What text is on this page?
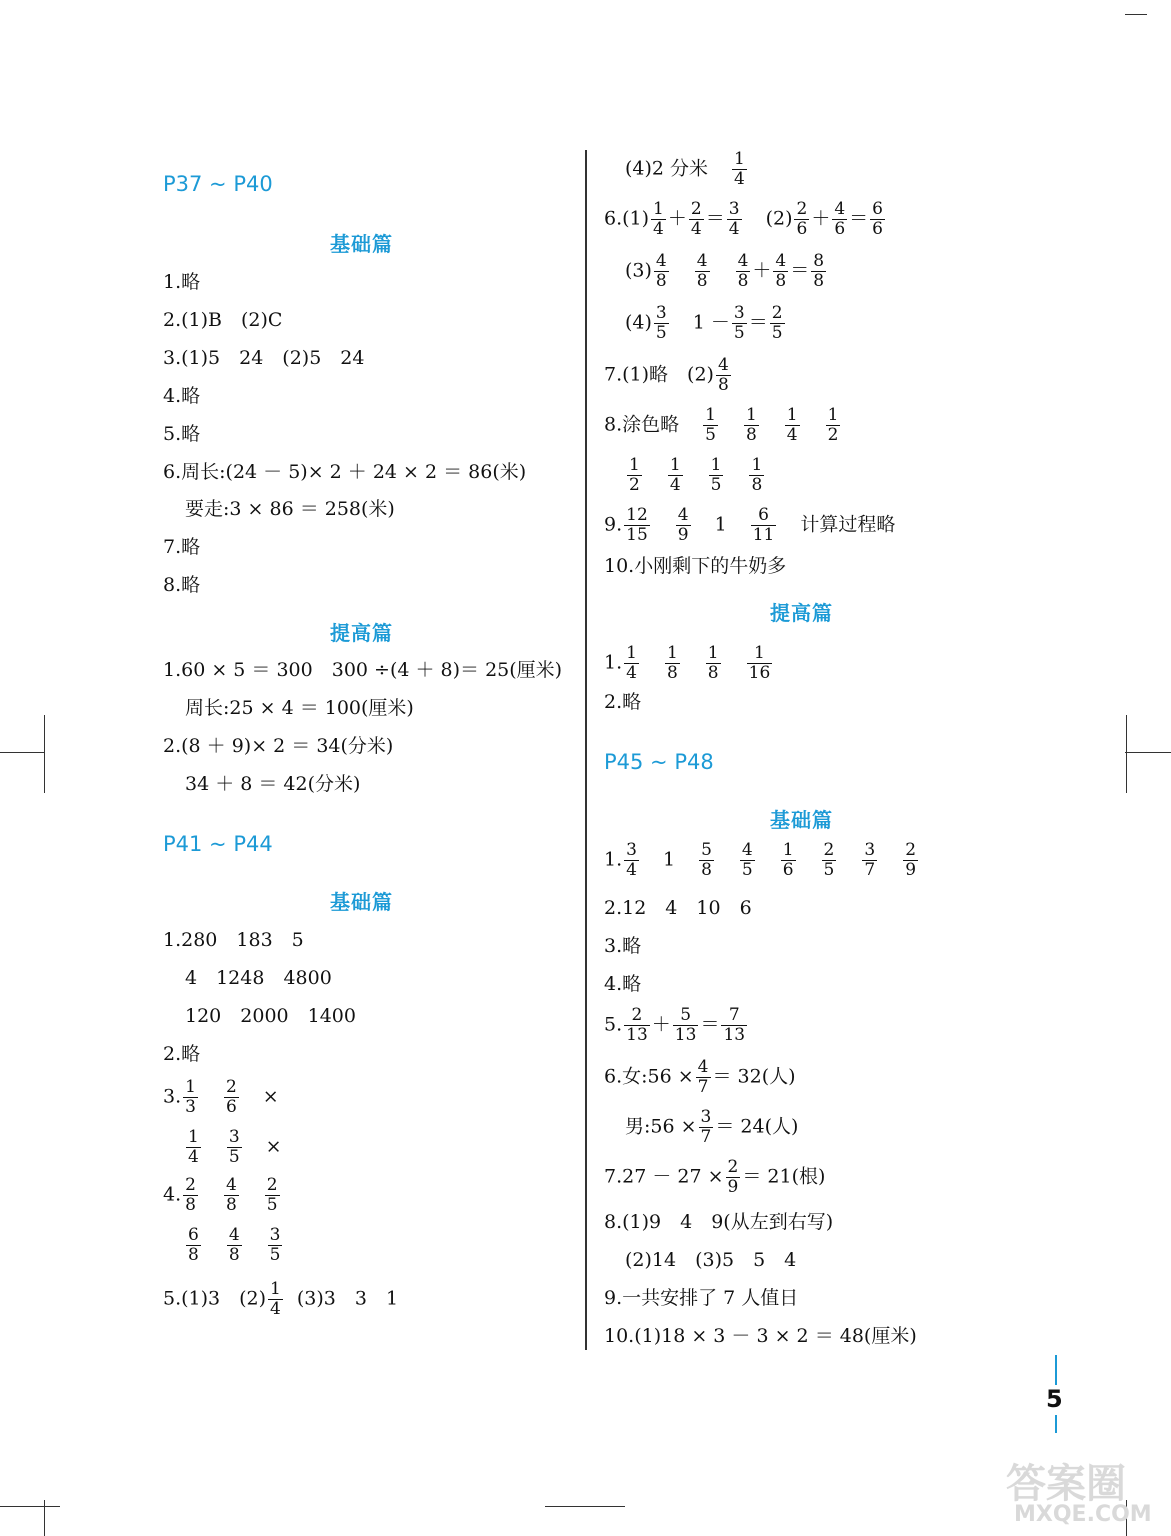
P37 ~ P40
基础篇
1.略
2.(1)B　(2)C
3.(1)5　24　(2)5　24
4.略
5.略
6.周长:(24 － 5)× 2 ＋ 24 × 2 ＝ 86(米)
要走:3 × 86 ＝ 258(米)
7.略
8.略
提高篇
1.60 × 5 ＝ 300　300 ÷(4 ＋ 8)＝ 25(厘米)
周长:25 × 4 ＝ 100(厘米)
2.(8 ＋ 9)× 2 ＝ 34(分米)
34 ＋ 8 ＝ 42(分米)
P41 ~ P44
基础篇
1.280　183　5
4　1248　4800
120　2000　1400
2.略
3. $\frac{1}{3} \frac{2}{6}$ ×
$\frac{1}{4} \frac{3}{5}$ ×
4. $\frac{2}{8} \frac{4}{8} \frac{2}{5}$
$\frac{6}{8} \frac{4}{8} \frac{3}{5}$
5.(1)3　$(2) \frac{1}{4} (3)3$　3　1
(4)2 分米 $\frac{1}{4}$
$6.(1) \frac{1}{4} + \frac{2}{4} = \frac{3}{4} (2) \frac{2}{6} + \frac{4}{6} = \frac{6}{6}$
$(3) \frac{4}{8} \frac{4}{8} \frac{4}{8} + \frac{4}{8} = \frac{8}{8}$
$(4) \frac{3}{5} 1 - \frac{3}{5} = \frac{2}{5}$
7.(1)略　$(2) \frac{4}{8}$
8.涂色略 $\frac{1}{5} \frac{1}{8} \frac{1}{4} \frac{1}{2}$
$\frac{1}{2} \frac{1}{4} \frac{1}{5} \frac{1}{8}$
9. $\frac{12}{15} \frac{4}{9} 1 \frac{6}{11}$ 计算过程略
10.小刚剩下的牛奶多
提高篇
1. $\frac{1}{4} \frac{1}{8} \frac{1}{8} \frac{1}{16}$
2.略
P45 ~ P48
基础篇
1. $\frac{3}{4} 1 \frac{5}{8} \frac{4}{5} \frac{1}{6} \frac{2}{5} \frac{3}{7} \frac{2}{9}$
2.12　4　10　6
3.略
4.略
5. $\frac{2}{13} + \frac{5}{13} = \frac{7}{13}$
6.女:56 × $\frac{4}{7} = 32$(人)
男:56 × $\frac{3}{7} = 24$(人)
$7.27 - 27 \times \frac{2}{9} = 21$(根)
8.(1)9　4　9(从左到右写)
(2)14　(3)5　5　4
9.一共安排了 7 人值日
10.(1)18 × 3 － 3 × 2 ＝ 48(厘米)
5
答案圈
MXQE.COM
